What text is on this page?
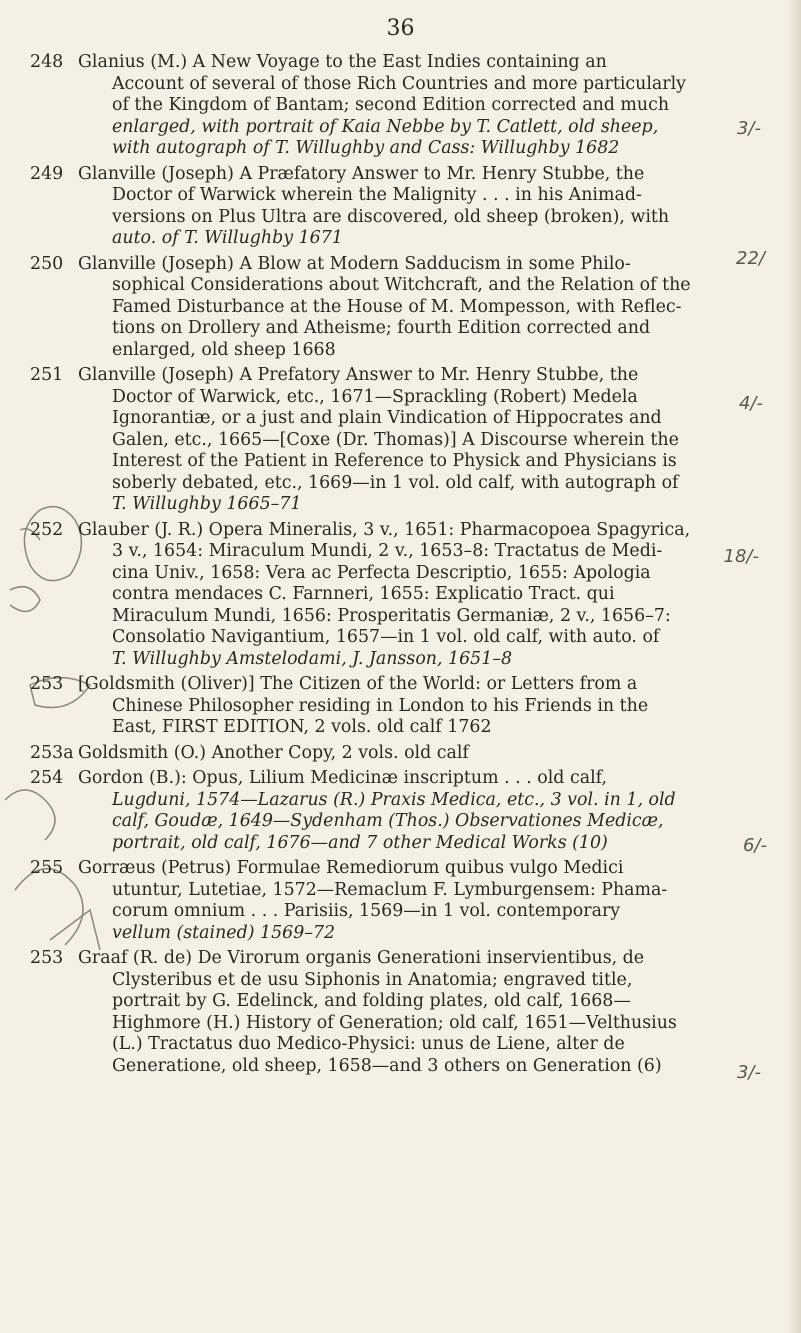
36
248 Glanius (M.) A New Voyage to the East Indies containing an
Account of several of those Rich Countries and more particularly
of the Kingdom of Bantam; second Edition corrected and much
enlarged, with portrait of Kaia Nebbe by T. Catlett, old sheep,
with autograph of T. Willughby and Cass: Willughby 1682
249 Glanville (Joseph) A Præfatory Answer to Mr. Henry Stubbe, the
Doctor of Warwick wherein the Malignity . . . in his Animad-
versions on Plus Ultra are discovered, old sheep (broken), with
auto. of T. Willughby 1671
250 Glanville (Joseph) A Blow at Modern Sadducism in some Philo-
sophical Considerations about Witchcraft, and the Relation of the
Famed Disturbance at the House of M. Mompesson, with Reflec-
tions on Drollery and Atheisme; fourth Edition corrected and
enlarged, old sheep 1668
251 Glanville (Joseph) A Prefatory Answer to Mr. Henry Stubbe, the
Doctor of Warwick, etc., 1671—Sprackling (Robert) Medela
Ignorantiæ, or a just and plain Vindication of Hippocrates and
Galen, etc., 1665—[Coxe (Dr. Thomas)] A Discourse wherein the
Interest of the Patient in Reference to Physick and Physicians is
soberly debated, etc., 1669—in 1 vol. old calf, with autograph of
T. Willughby 1665–71
252 Glauber (J. R.) Opera Mineralis, 3 v., 1651: Pharmacopoea Spagyrica,
3 v., 1654: Miraculum Mundi, 2 v., 1653–8: Tractatus de Medi-
cina Univ., 1658: Vera ac Perfecta Descriptio, 1655: Apologia
contra mendaces C. Farnneri, 1655: Explicatio Tract. qui
Miraculum Mundi, 1656: Prosperitatis Germaniæ, 2 v., 1656–7:
Consolatio Navigantium, 1657—in 1 vol. old calf, with auto. of
T. Willughby Amstelodami, J. Jansson, 1651–8
253 [Goldsmith (Oliver)] The Citizen of the World: or Letters from a
Chinese Philosopher residing in London to his Friends in the
East, FIRST EDITION, 2 vols. old calf 1762
253a Goldsmith (O.) Another Copy, 2 vols. old calf
254 Gordon (B.): Opus, Lilium Medicinæ inscriptum . . . old calf,
Lugduni, 1574—Lazarus (R.) Praxis Medica, etc., 3 vol. in 1, old
calf, Goudæ, 1649—Sydenham (Thos.) Observationes Medicæ,
portrait, old calf, 1676—and 7 other Medical Works (10)
255 Gorræus (Petrus) Formulae Remediorum quibus vulgo Medici
utuntur, Lutetiae, 1572—Remaclum F. Lymburgensem: Phama-
corum omnium . . . Parisiis, 1569—in 1 vol. contemporary
vellum (stained) 1569–72
253 Graaf (R. de) De Virorum organis Generationi inservientibus, de
Clysteribus et de usu Siphonis in Anatomia; engraved title,
portrait by G. Edelinck, and folding plates, old calf, 1668—
Highmore (H.) History of Generation; old calf, 1651—Velthusius
(L.) Tractatus duo Medico-Physici: unus de Liene, alter de
Generatione, old sheep, 1658—and 3 others on Generation (6)
3/-
22/
4/-
18/-
6/-
3/-
